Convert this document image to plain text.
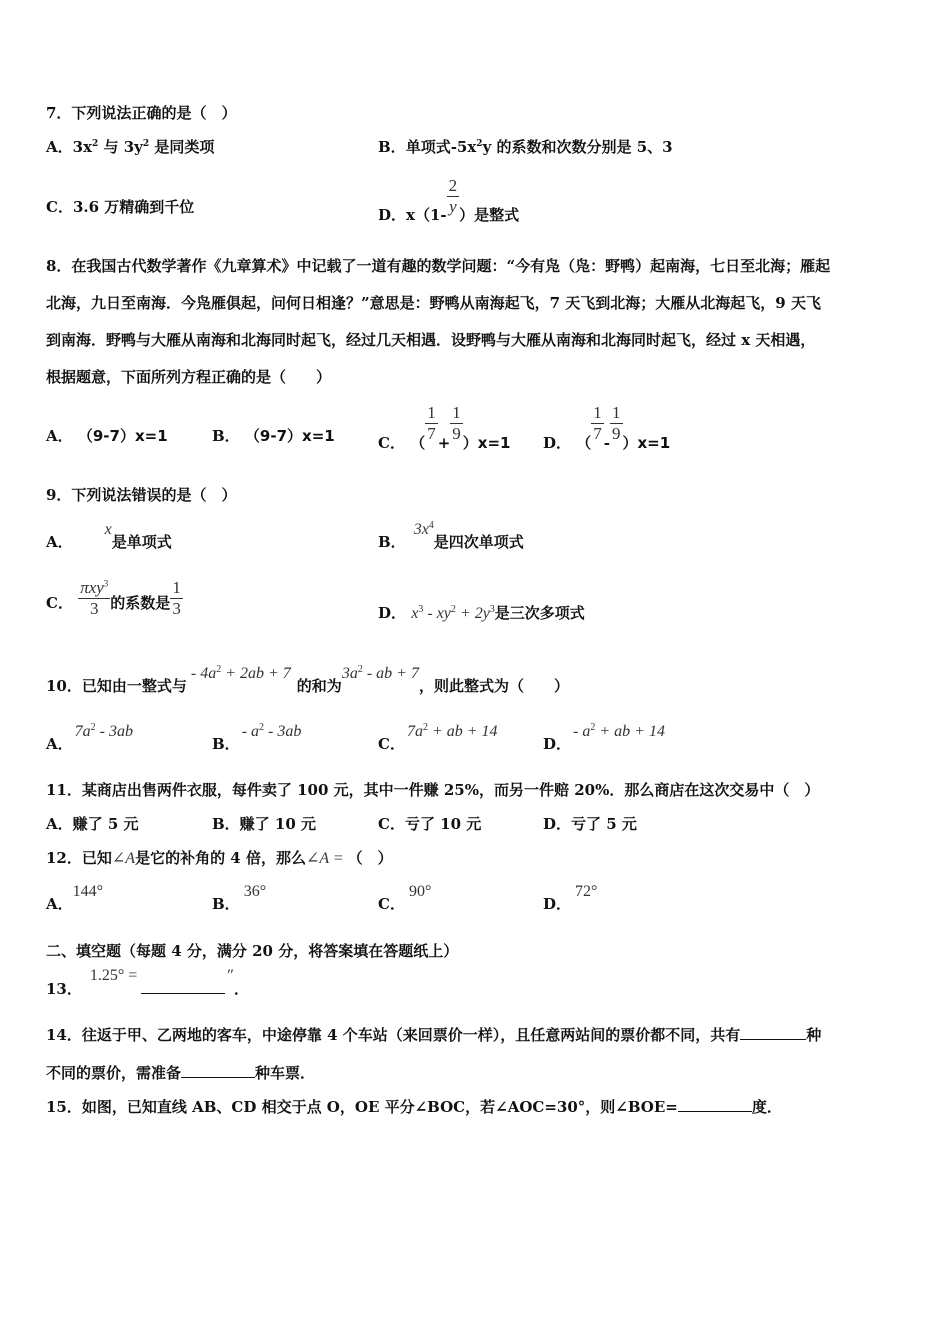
7．下列说法正确的是（　）
A．$3x^2$ 与 $3y^2$ 是同类项	B．单项式$-5x^2y$ 的系数和次数分别是 5、3
C．3.6 万精确到千位	D．$x(1- \frac{2}{y}$ ）是整式
8．在我国古代数学著作《九章算术》中记载了一道有趣的数学问题：“今有凫（凫：野鸭）起南海，七日至北海；雁起
北海，九日至南海．今凫雁俱起，问何日相逢？”意思是：野鸭从南海起飞，7 天飞到北海；大雁从北海起飞，9 天飞
到南海．野鸭与大雁从南海和北海同时起飞，经过几天相遇．设野鸭与大雁从南海和北海同时起飞，经过 x 天相遇，
根据题意，下面所列方程正确的是（　　）
A． （9-7）x=1	B． （9-7）x=1	C． （ $\frac{1}{7} + \frac{1}{9} )x=1$ D． （ $\frac{1}{7} - \frac{1}{9} )x=1$
9．下列说法错误的是（　）
A．x是单项式	B．$3x^4$是四次单项式
C． $\frac{\pi xy^3}{3}$ 的系数是 $\frac{1}{3}$	D． $x^3 - xy^2 + 2y^3$是三次多项式
10．已知由一整式与- $4a^2 + 2ab + 7$的和为$3a^2$ - ab + 7，则此整式为（　　）
A．$7a^2 - 3ab$
B．- $a^2 - 3ab$
C．$7a^2$ + ab + 14
D．- $a^2$ + ab + 14
11．某商店出售两件衣服，每件卖了 100 元，其中一件赚 25%，而另一件赔 20%．那么商店在这次交易中（　）
A．赚了 5 元	B．赚了 10 元	C．亏了 10 元	D．亏了 5 元
12．已知∠A是它的补角的 4 倍，那么∠A = （　）
A．144°
B．36°
C．90°
D．72°
二、填空题（每题 4 分，满分 20 分，将答案填在答题纸上）
13．1.25° =	″．
14．往返于甲、乙两地的客车，中途停靠 4 个车站（来回票价一样），且任意两站间的票价都不同，共有	种
不同的票价，需准备	种车票．
15．如图，已知直线 AB、CD 相交于点 O，OE 平分∠BOC，若∠AOC=30°，则∠BOE=	度．
